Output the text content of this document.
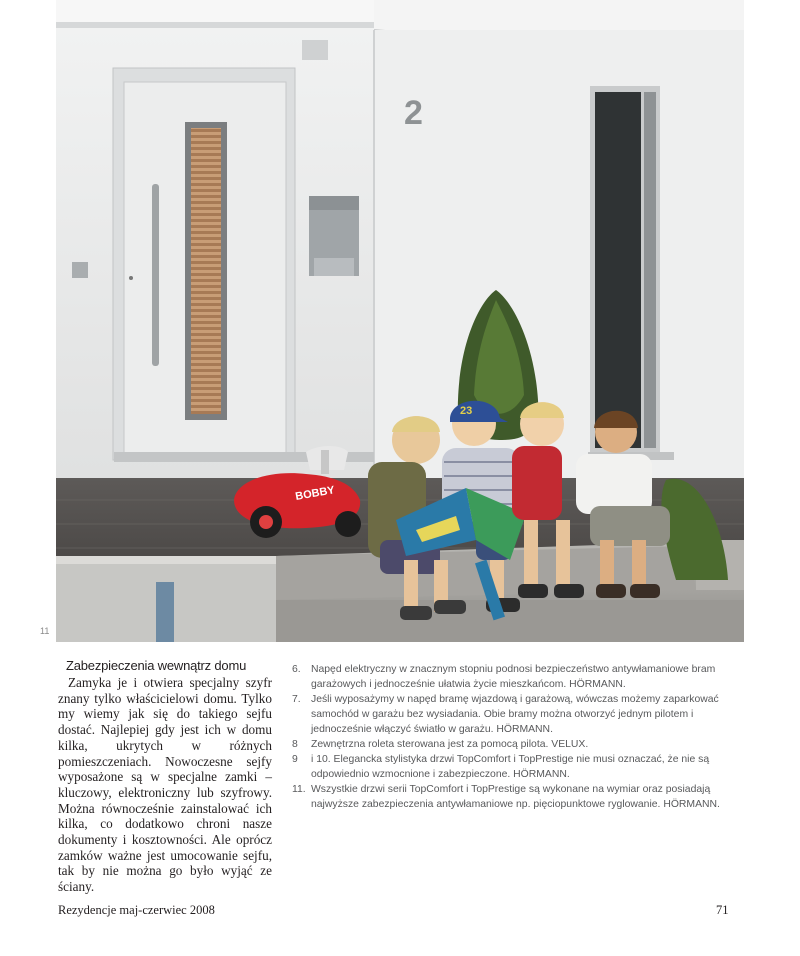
2
BOBBY
23
11
Zabezpieczenia wewnątrz domu

Zamyka je i otwiera specjalny szyfr znany tylko właścicielowi domu. Tylko my wiemy jak się do takiego sejfu dostać. Najlepiej gdy jest ich w domu kilka, ukrytych w różnych pomieszczeniach. Nowoczesne sejfy wyposażone są w specjalne zamki – kluczowy, elektroniczny lub szyfrowy. Można równocześnie zainstalować ich kilka, co dodatkowo chroni nasze dokumenty i kosztowności. Ale oprócz zamków ważne jest umocowanie sejfu, tak by nie można go było wyjąć ze ściany.

6. Napęd elektryczny w znacznym stopniu podnosi bezpieczeństwo antywłamaniowe bram garażowych i jednocześnie ułatwia życie mieszkańcom. HÖRMANN.
7. Jeśli wyposażymy w napęd bramę wjazdową i garażową, wówczas możemy zaparkować samochód w garażu bez wysiadania. Obie bramy można otworzyć jednym pilotem i jednocześnie włączyć światło w garażu. HÖRMANN.
8 Zewnętrzna roleta sterowana jest za pomocą pilota. VELUX.
9 i 10. Elegancka stylistyka drzwi TopComfort i TopPrestige nie musi oznaczać, że nie są odpowiednio wzmocnione i zabezpieczone. HÖRMANN.
11. Wszystkie drzwi serii TopComfort i TopPrestige są wykonane na wymiar oraz posiadają najwyższe zabezpieczenia antywłamaniowe np. pięciopunktowe ryglowanie. HÖRMANN.
Rezydencje maj-czerwiec 2008	71
